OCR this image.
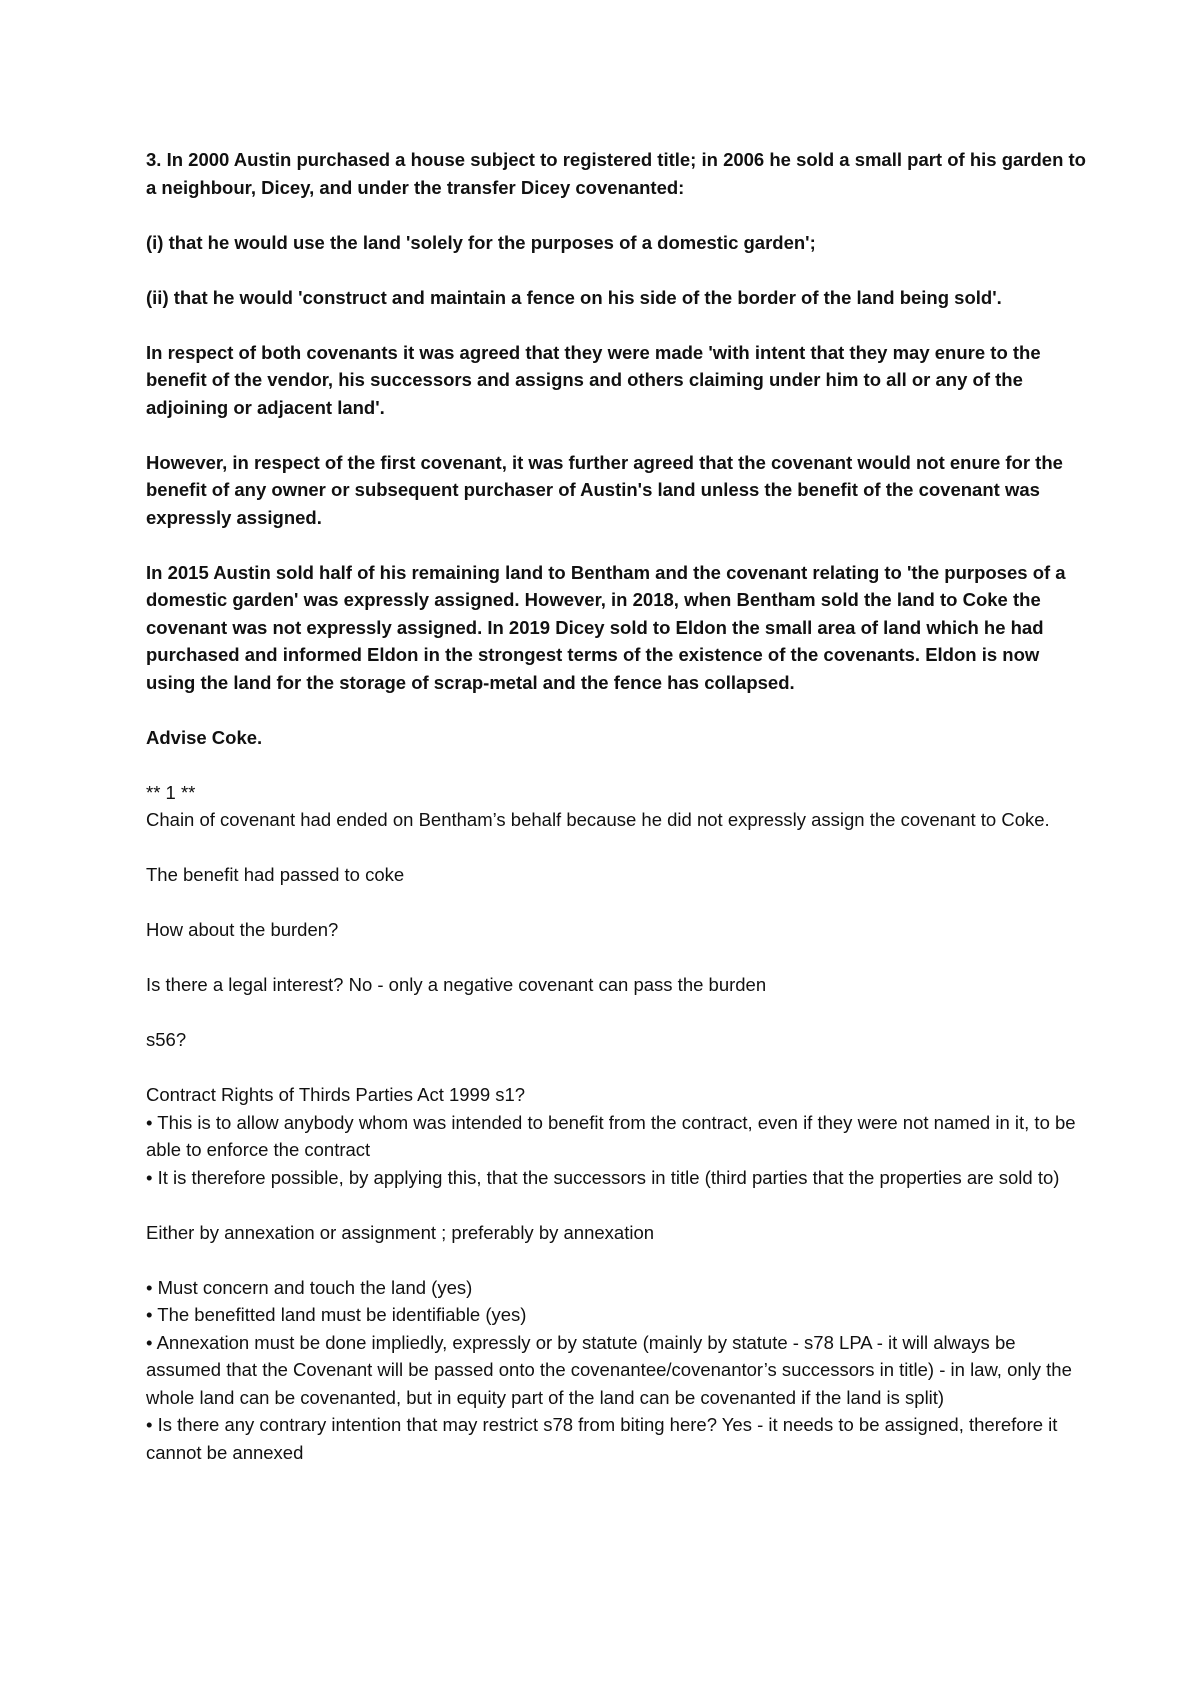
3. In 2000 Austin purchased a house subject to registered title; in 2006 he sold a small part of his garden to a neighbour, Dicey, and under the transfer Dicey covenanted:

(i) that he would use the land 'solely for the purposes of a domestic garden';

(ii) that he would 'construct and maintain a fence on his side of the border of the land being sold'.

In respect of both covenants it was agreed that they were made 'with intent that they may enure to the benefit of the vendor, his successors and assigns and others claiming under him to all or any of the adjoining or adjacent land'.

However, in respect of the first covenant, it was further agreed that the covenant would not enure for the benefit of any owner or subsequent purchaser of Austin's land unless the benefit of the covenant was expressly assigned.

In 2015 Austin sold half of his remaining land to Bentham and the covenant relating to 'the purposes of a domestic garden' was expressly assigned. However, in 2018, when Bentham sold the land to Coke the covenant was not expressly assigned. In 2019 Dicey sold to Eldon the small area of land which he had purchased and informed Eldon in the strongest terms of the existence of the covenants. Eldon is now using the land for the storage of scrap-metal and the fence has collapsed.

Advise Coke.

** 1 **
Chain of covenant had ended on Bentham’s behalf because he did not expressly assign the covenant to Coke.

The benefit had passed to coke

How about the burden?

Is there a legal interest? No - only a negative covenant can pass the burden

s56?

Contract Rights of Thirds Parties Act 1999 s1?
• This is to allow anybody whom was intended to benefit from the contract, even if they were not named in it, to be able to enforce the contract
• It is therefore possible, by applying this, that the successors in title (third parties that the properties are sold to)

Either by annexation or assignment ; preferably by annexation

• Must concern and touch the land (yes)
• The benefitted land must be identifiable (yes)
• Annexation must be done impliedly, expressly or by statute (mainly by statute - s78 LPA - it will always be assumed that the Covenant will be passed onto the covenantee/covenantor’s successors in title) - in law, only the whole land can be covenanted, but in equity part of the land can be covenanted if the land is split)
• Is there any contrary intention that may restrict s78 from biting here? Yes - it needs to be assigned, therefore it cannot be annexed
